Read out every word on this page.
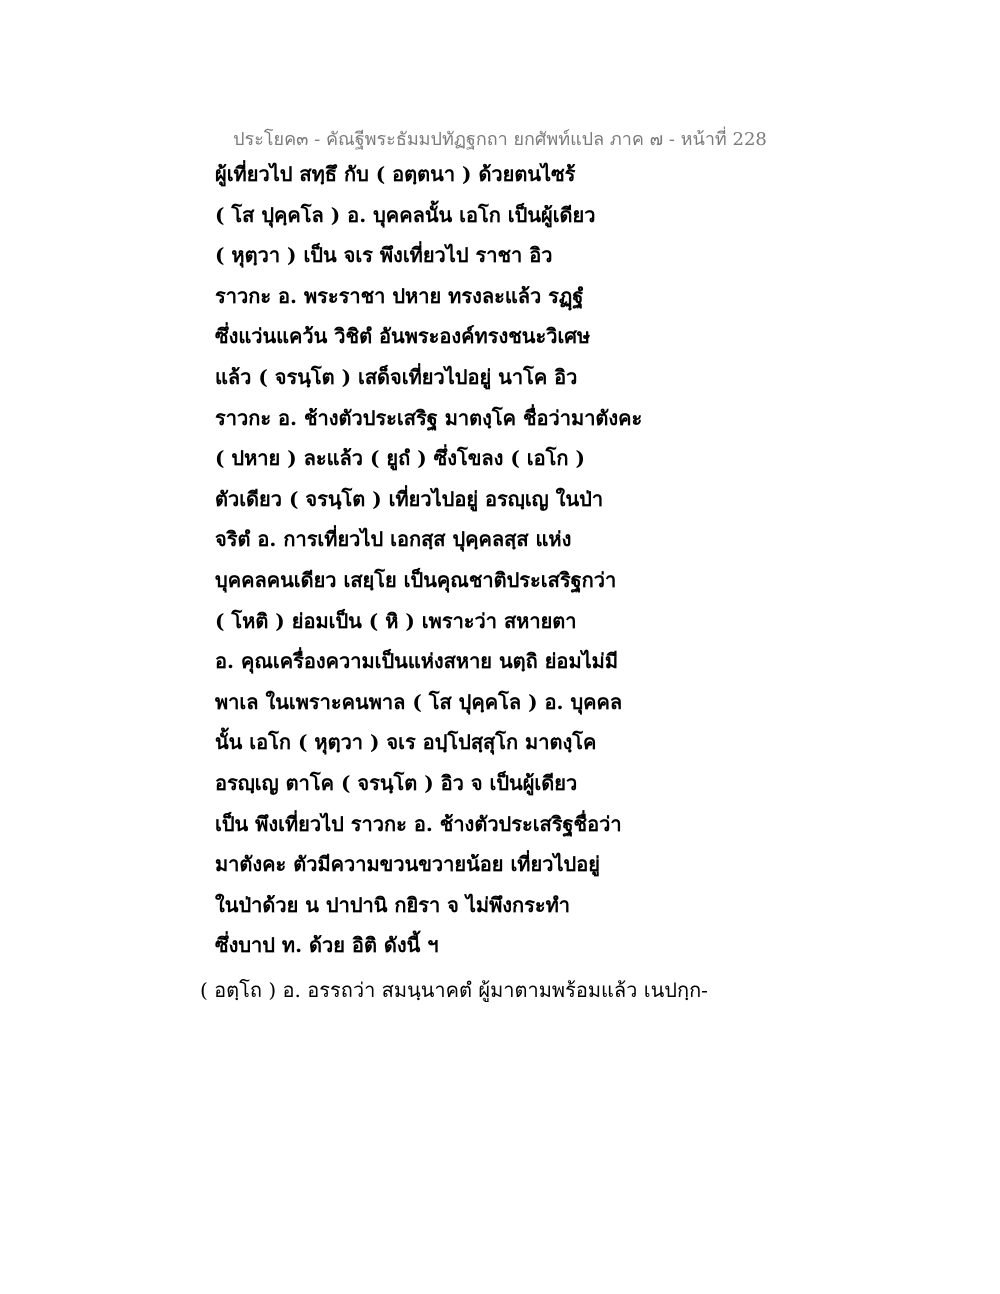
ประโยค๓ - คัณฐีพระธัมมปทัฏฐกถา ยกศัพท์แปล ภาค ๗ - หน้าที่ 228
ผู้เที่ยวไป สทฺธึ กับ ( อตฺตนา ) ด้วยตนไซร้
( โส ปุคฺคโล ) อ. บุคคลนั้น เอโก เป็นผู้เดียว
( หุตฺวา ) เป็น จเร พึงเที่ยวไป ราชา อิว
ราวกะ อ. พระราชา ปหาย ทรงละแล้ว รฏฺฐํ
ซึ่งแว่นแคว้น วิชิตํ อันพระองค์ทรงชนะวิเศษ
แล้ว ( จรนฺโต ) เสด็จเที่ยวไปอยู่ นาโค อิว
ราวกะ อ. ช้างตัวประเสริฐ มาตงฺโค ชื่อว่ามาตังคะ
( ปหาย ) ละแล้ว ( ยูถํ ) ซึ่งโขลง ( เอโก )
ตัวเดียว ( จรนฺโต ) เที่ยวไปอยู่ อรญฺเญ ในป่า
จริตํ อ. การเที่ยวไป เอกสฺส ปุคฺคลสฺส แห่ง
บุคคลคนเดียว เสยฺโย เป็นคุณชาติประเสริฐกว่า
( โหติ ) ย่อมเป็น ( หิ ) เพราะว่า สหายตา
อ. คุณเครื่องความเป็นแห่งสหาย นตฺถิ ย่อมไม่มี
พาเล ในเพราะคนพาล ( โส ปุคฺคโล ) อ. บุคคล
นั้น เอโก ( หุตฺวา ) จเร อปฺโปสฺสุโก มาตงฺโค
อรญฺเญ ตาโค ( จรนฺโต ) อิว จ เป็นผู้เดียว
เป็น พึงเที่ยวไป ราวกะ อ. ช้างตัวประเสริฐชื่อว่า
มาตังคะ ตัวมีความขวนขวายน้อย เที่ยวไปอยู่
ในป่าด้วย น ปาปานิ กยิรา จ ไม่พึงกระทำ
ซึ่งบาป ท. ด้วย อิติ ดังนี้ ฯ
( อตฺโถ ) อ. อรรถว่า สมนฺนาคตํ ผู้มาตามพร้อมแล้ว เนปกฺก-
